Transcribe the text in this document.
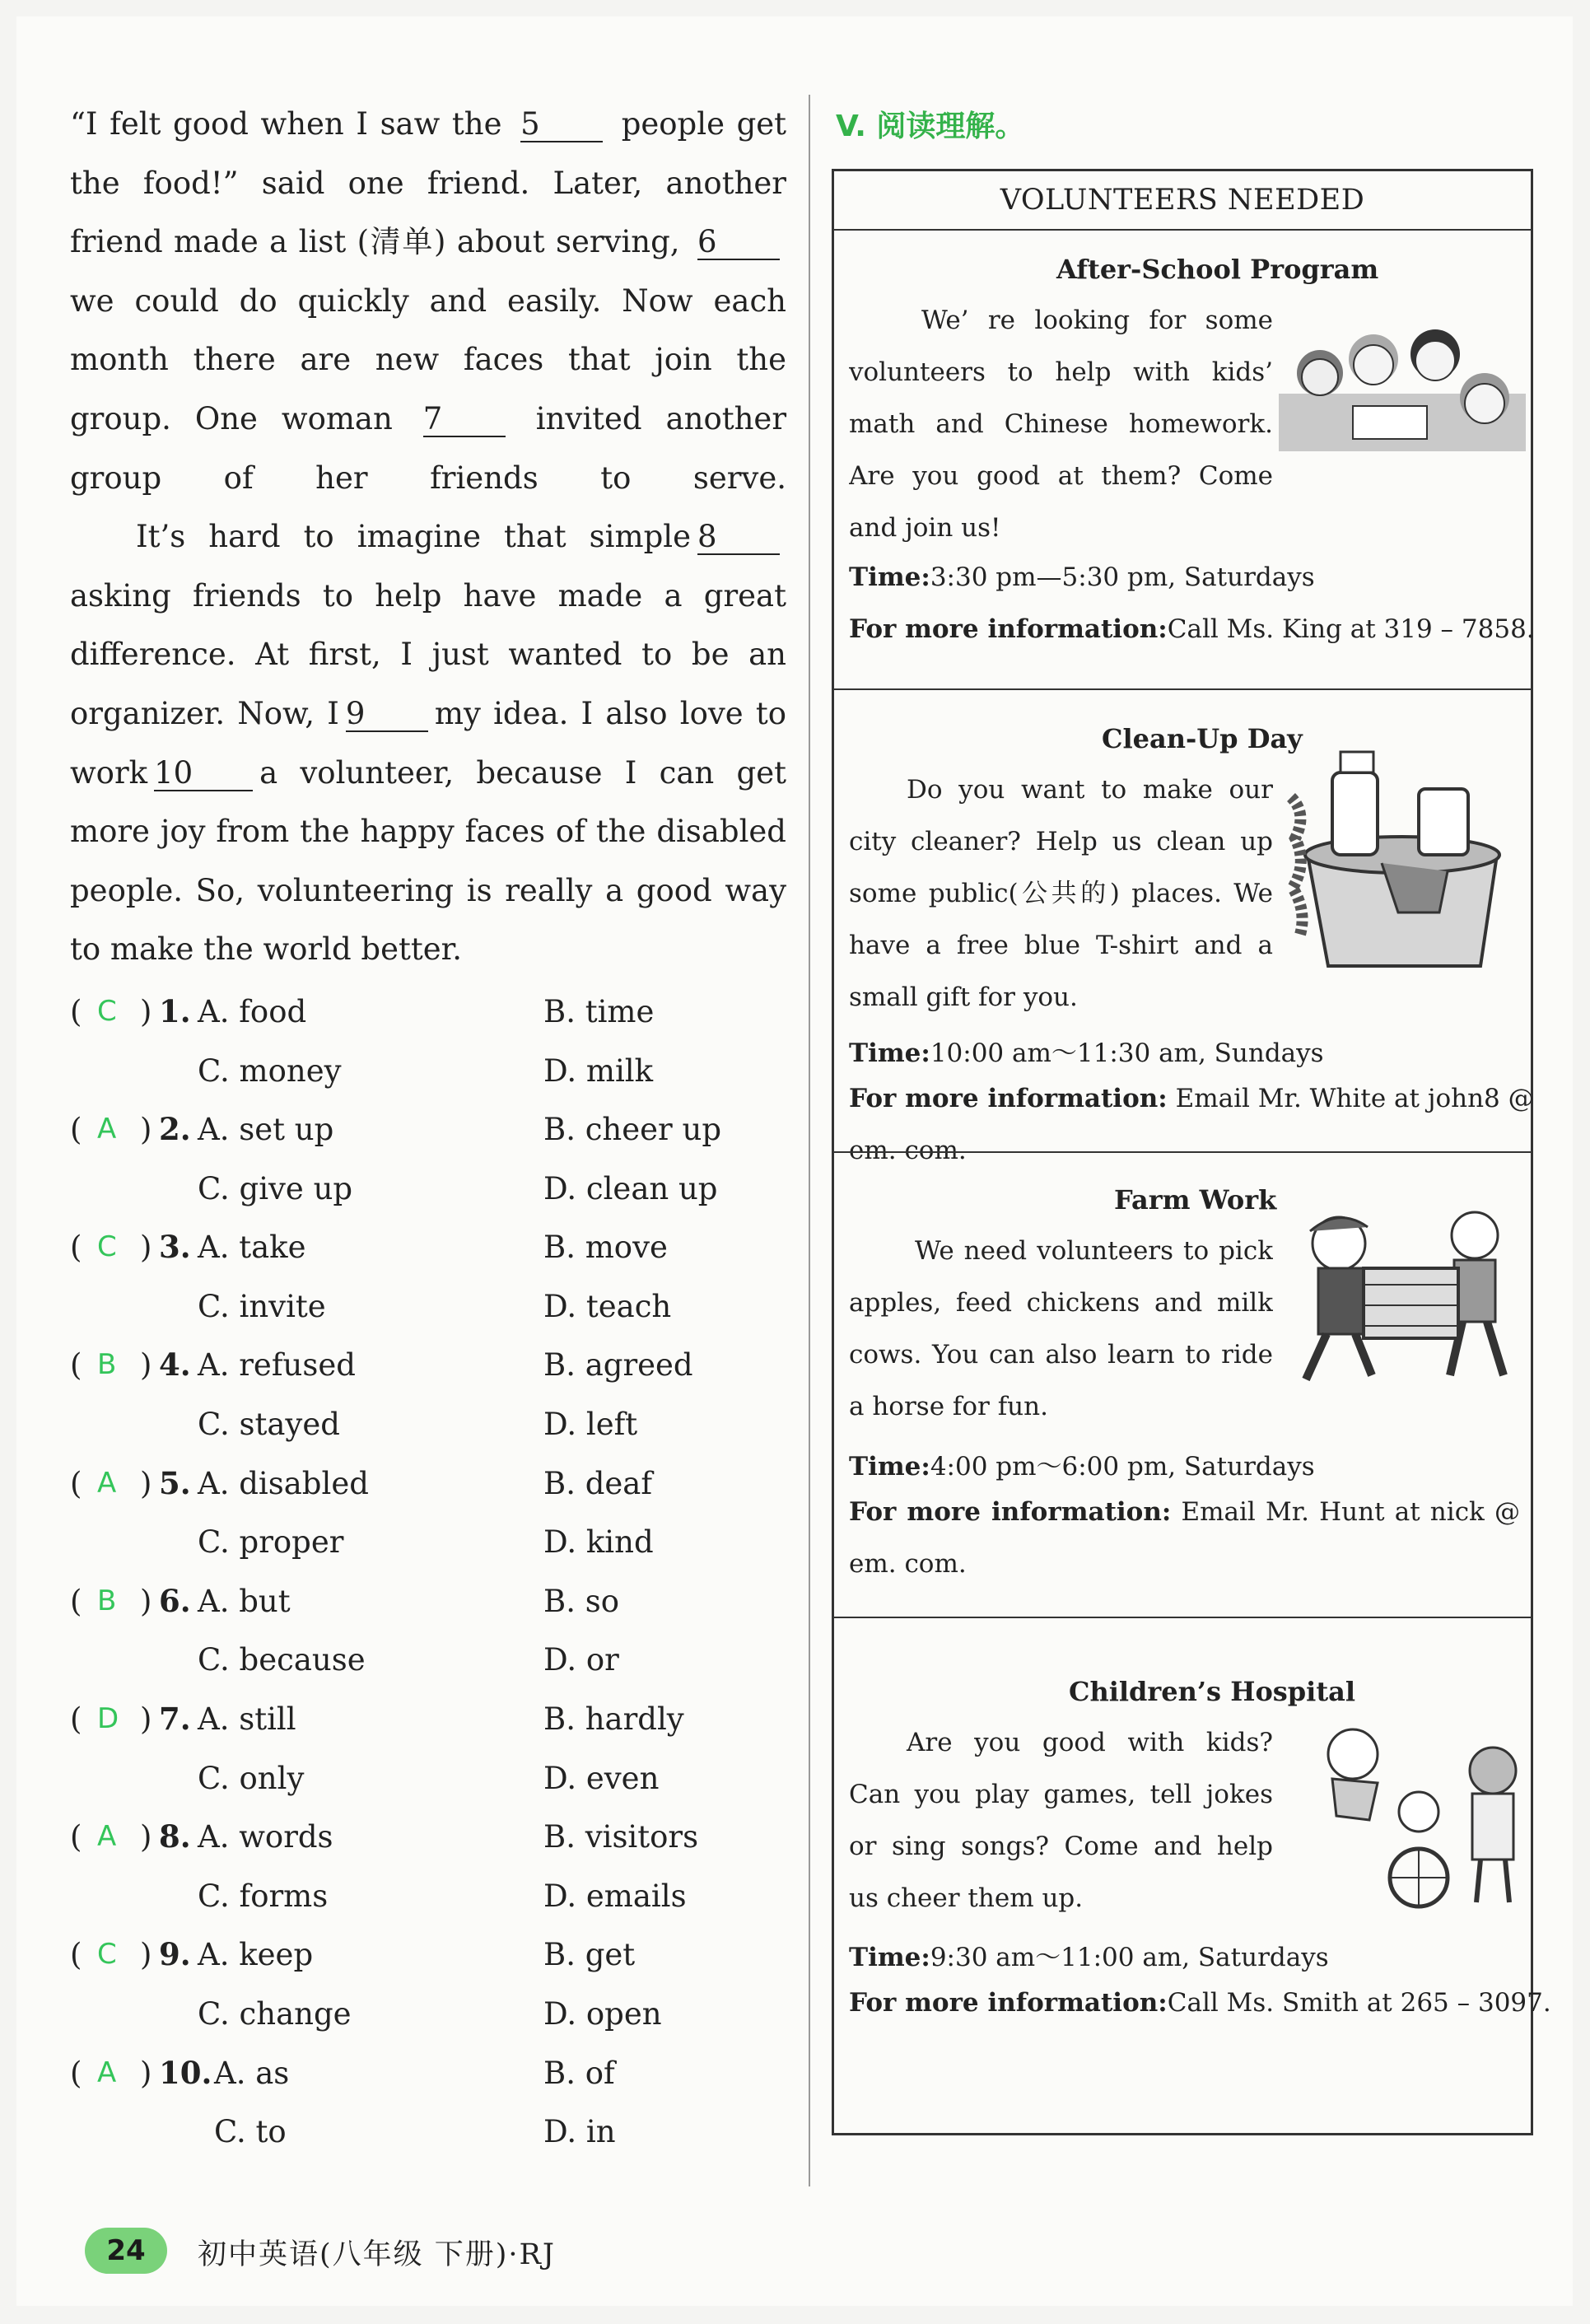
“I felt good when I saw the 5	people get the food!” said one friend. Later, another friend made a list (清单) about serving, 6 we could do quickly and easily. Now each month there are new faces that join the group. One woman 7	invited another group of her friends to serve.

It’s hard to imagine that simple 8asking friends to help have made a great difference. At first, I just wanted to be an organizer. Now, I 9 my idea. I also love to work 10 a volunteer, because I can get more joy from the happy faces of the disabled people. So, volunteering is really a good way to make the world better.

( C ) 1. A. food	B. time
C. money	D. milk
( A ) 2. A. set up	B. cheer up
C. give up	D. clean up
( C ) 3. A. take	B. move
C. invite	D. teach
( B ) 4. A. refused	B. agreed
C. stayed	D. left
( A ) 5. A. disabled	B. deaf
C. proper	D. kind
( B ) 6. A. but	B. so
C. because	D. or
( D ) 7. A. still	B. hardly
C. only	D. even
( A ) 8. A. words	B. visitors
C. forms	D. emails
( C ) 9. A. keep	B. get
C. change	D. open
( A ) 10. A. as	B. of
C. to	D. in
V. 阅读理解。
VOLUNTEERS NEEDED
After-School Program

We’ re looking for some volunteers to help with kids’ math and Chinese homework. Are you good at them? Come and join us!

Time:3:30 pm—5:30 pm, Saturdays
For more information:Call Ms. King at 319 – 7858.
Clean-Up Day

Do you want to make our city cleaner? Help us clean up some public(公共的) places. We have a free blue T-shirt and a small gift for you.

Time:10:00 am～11:30 am, Sundays
For more information: Email Mr. White at john8 @
em. com.
Farm Work

We need volunteers to pick apples, feed chickens and milk cows. You can also learn to ride a horse for fun.

Time:4:00 pm～6:00 pm, Saturdays
For more information: Email Mr. Hunt at nick @
em. com.
Children’s Hospital

Are you good with kids? Can you play games, tell jokes or sing songs? Come and help us cheer them up.

Time:9:30 am～11:00 am, Saturdays
For more information:Call Ms. Smith at 265 – 3097.
24	初中英语(八年级 下册)·RJ
